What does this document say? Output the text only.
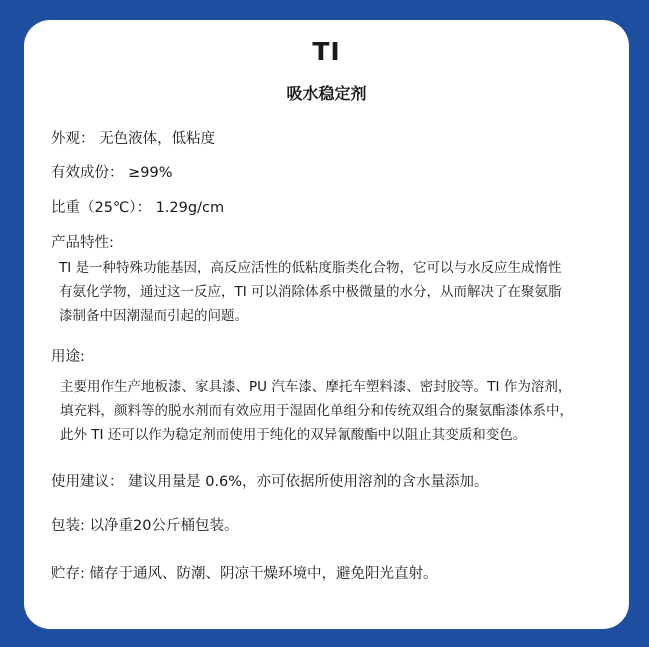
TI
吸水稳定剂
外观： 无色液体，低粘度
有效成份： ≥99%
比重（25℃）： 1.29g/cm
产品特性:
TI 是一种特殊功能基因，高反应活性的低粘度脂类化合物，它可以与水反应生成惰性
有氨化学物，通过这一反应，TI 可以消除体系中极微量的水分，从而解决了在聚氨脂
漆制备中因潮湿而引起的问题。
用途:
主要用作生产地板漆、家具漆、PU 汽车漆、摩托车塑料漆、密封胶等。TI 作为溶剂，
填充料，颜料等的脱水剂而有效应用于湿固化单组分和传统双组合的聚氨酯漆体系中，
此外 TI 还可以作为稳定剂而使用于纯化的双异氰酸酯中以阻止其变质和变色。
使用建议： 建议用量是 0.6%，亦可依据所使用溶剂的含水量添加。
包装: 以净重20公斤桶包装。
贮存: 储存于通风、防潮、阴凉干燥环境中，避免阳光直射。
